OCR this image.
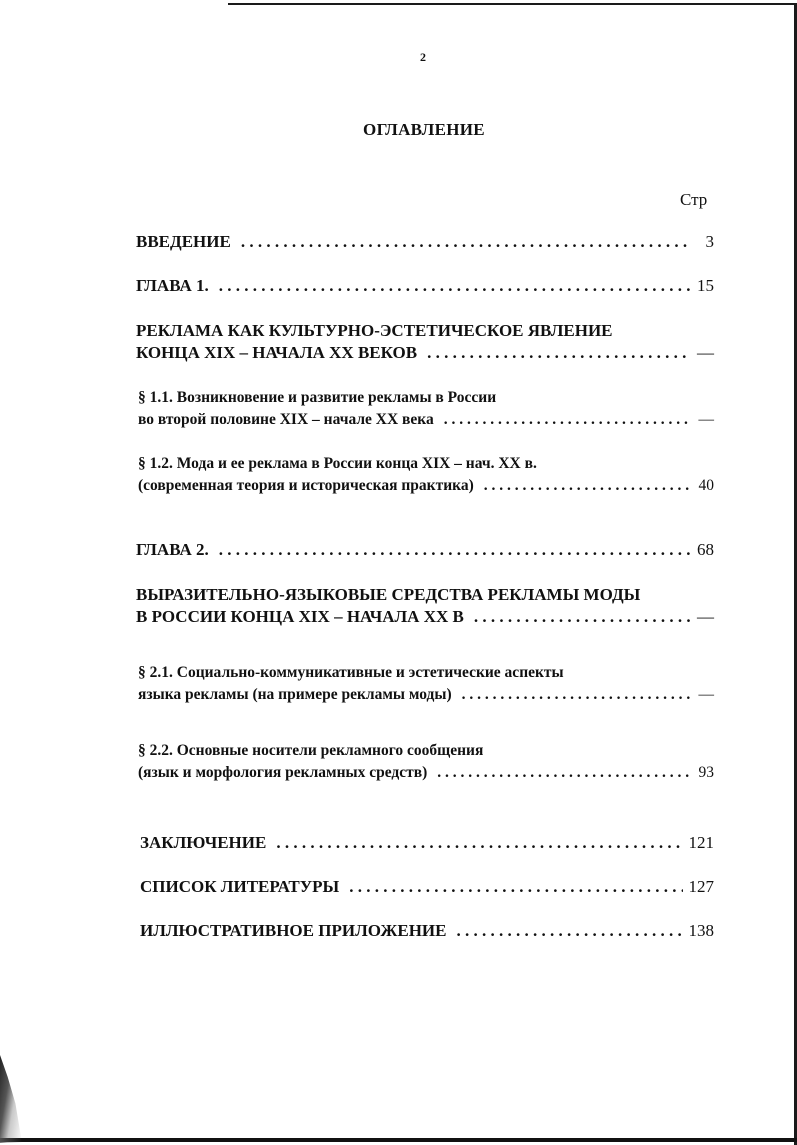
2
ОГЛАВЛЕНИЕ
Стр
ВВЕДЕНИЕ . . .	3
ГЛАВА 1. . . .	15
РЕКЛАМА КАК КУЛЬТУРНО-ЭСТЕТИЧЕСКОЕ ЯВЛЕНИЕ
КОНЦА XIX – НАЧАЛА XX ВЕКОВ . . .	—
§ 1.1. Возникновение и развитие рекламы в России
во второй половине XIX – начале XX века . . .	—
§ 1.2. Мода и ее реклама в России конца XIX – нач. XX в.
(современная теория и историческая практика) . . .	40
ГЛАВА 2. . . .	68
ВЫРАЗИТЕЛЬНО-ЯЗЫКОВЫЕ СРЕДСТВА РЕКЛАМЫ МОДЫ
В РОССИИ КОНЦА XIX – НАЧАЛА XX В . . .	—
§ 2.1. Социально-коммуникативные и эстетические аспекты
языка рекламы (на примере рекламы моды) . . .	—
§ 2.2. Основные носители рекламного сообщения
(язык и морфология рекламных средств) . . .	93
ЗАКЛЮЧЕНИЕ . . .	121
СПИСОК ЛИТЕРАТУРЫ . . .	127
ИЛЛЮСТРАТИВНОЕ ПРИЛОЖЕНИЕ . . .	138
